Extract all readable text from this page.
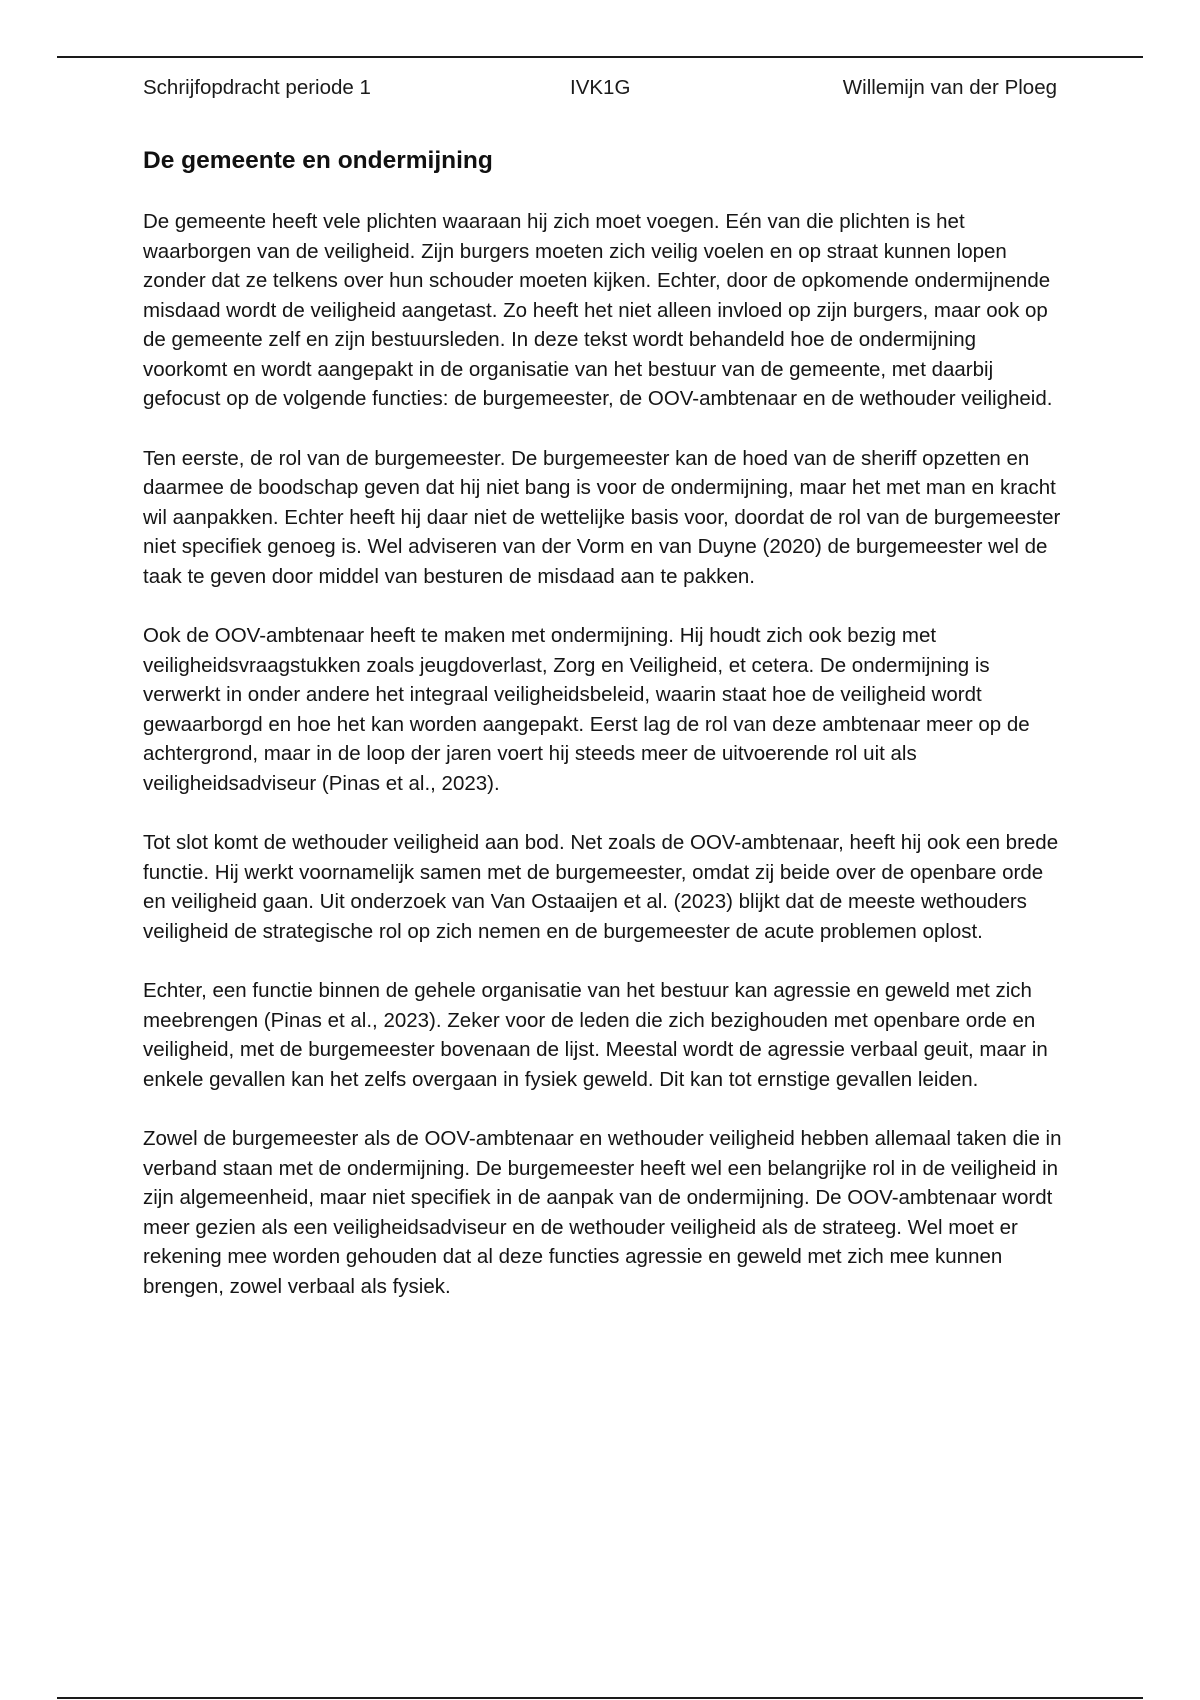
Schrijfopdracht periode 1	IVK1G	Willemijn van der Ploeg
De gemeente en ondermijning

De gemeente heeft vele plichten waaraan hij zich moet voegen. Eén van die plichten is het waarborgen van de veiligheid. Zijn burgers moeten zich veilig voelen en op straat kunnen lopen zonder dat ze telkens over hun schouder moeten kijken. Echter, door de opkomende ondermijnende misdaad wordt de veiligheid aangetast. Zo heeft het niet alleen invloed op zijn burgers, maar ook op de gemeente zelf en zijn bestuursleden. In deze tekst wordt behandeld hoe de ondermijning voorkomt en wordt aangepakt in de organisatie van het bestuur van de gemeente, met daarbij gefocust op de volgende functies: de burgemeester, de OOV-ambtenaar en de wethouder veiligheid.

Ten eerste, de rol van de burgemeester. De burgemeester kan de hoed van de sheriff opzetten en daarmee de boodschap geven dat hij niet bang is voor de ondermijning, maar het met man en kracht wil aanpakken. Echter heeft hij daar niet de wettelijke basis voor, doordat de rol van de burgemeester niet specifiek genoeg is. Wel adviseren van der Vorm en van Duyne (2020) de burgemeester wel de taak te geven door middel van besturen de misdaad aan te pakken.

Ook de OOV-ambtenaar heeft te maken met ondermijning. Hij houdt zich ook bezig met veiligheidsvraagstukken zoals jeugdoverlast, Zorg en Veiligheid, et cetera. De ondermijning is verwerkt in onder andere het integraal veiligheidsbeleid, waarin staat hoe de veiligheid wordt gewaarborgd en hoe het kan worden aangepakt. Eerst lag de rol van deze ambtenaar meer op de achtergrond, maar in de loop der jaren voert hij steeds meer de uitvoerende rol uit als veiligheidsadviseur (Pinas et al., 2023).

Tot slot komt de wethouder veiligheid aan bod. Net zoals de OOV-ambtenaar, heeft hij ook een brede functie. Hij werkt voornamelijk samen met de burgemeester, omdat zij beide over de openbare orde en veiligheid gaan. Uit onderzoek van Van Ostaaijen et al. (2023) blijkt dat de meeste wethouders veiligheid de strategische rol op zich nemen en de burgemeester de acute problemen oplost.

Echter, een functie binnen de gehele organisatie van het bestuur kan agressie en geweld met zich meebrengen (Pinas et al., 2023). Zeker voor de leden die zich bezighouden met openbare orde en veiligheid, met de burgemeester bovenaan de lijst. Meestal wordt de agressie verbaal geuit, maar in enkele gevallen kan het zelfs overgaan in fysiek geweld. Dit kan tot ernstige gevallen leiden.

Zowel de burgemeester als de OOV-ambtenaar en wethouder veiligheid hebben allemaal taken die in verband staan met de ondermijning. De burgemeester heeft wel een belangrijke rol in de veiligheid in zijn algemeenheid, maar niet specifiek in de aanpak van de ondermijning. De OOV-ambtenaar wordt meer gezien als een veiligheidsadviseur en de wethouder veiligheid als de strateeg. Wel moet er rekening mee worden gehouden dat al deze functies agressie en geweld met zich mee kunnen brengen, zowel verbaal als fysiek.
